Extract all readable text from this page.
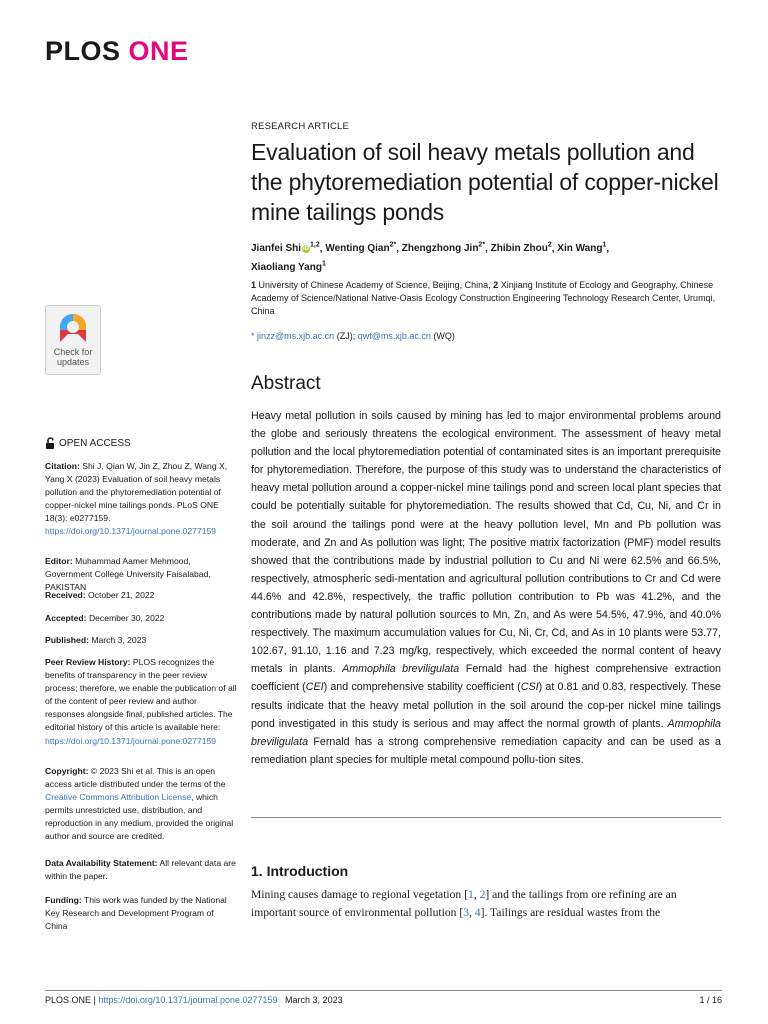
PLOS ONE
Check for
updates
OPEN ACCESS
Citation: Shi J, Qian W, Jin Z, Zhou Z, Wang X, Yang X (2023) Evaluation of soil heavy metals pollution and the phytoremediation potential of copper-nickel mine tailings ponds. PLoS ONE 18(3): e0277159. https://doi.org/10.1371/journal.pone.0277159
Editor: Muhammad Aamer Mehmood, Government College University Faisalabad, PAKISTAN
Received: October 21, 2022
Accepted: December 30, 2022
Published: March 3, 2023
Peer Review History: PLOS recognizes the benefits of transparency in the peer review process; therefore, we enable the publication of all of the content of peer review and author responses alongside final, published articles. The editorial history of this article is available here: https://doi.org/10.1371/journal.pone.0277159
Copyright: © 2023 Shi et al. This is an open access article distributed under the terms of the Creative Commons Attribution License, which permits unrestricted use, distribution, and reproduction in any medium, provided the original author and source are credited.
Data Availability Statement: All relevant data are within the paper.
Funding: This work was funded by the National Key Research and Development Program of China
RESEARCH ARTICLE
Evaluation of soil heavy metals pollution and the phytoremediation potential of copper-nickel mine tailings ponds
Jianfei Shi iD$^{1,2}$, Wenting Qian$^{2*}$, Zhengzhong Jin$^{2*}$, Zhibin Zhou$^2$, Xin Wang$^1$,
Xiaoliang Yang$^1$
1 University of Chinese Academy of Science, Beijing, China, 2 Xinjiang Institute of Ecology and Geography, Chinese Academy of Science/National Native-Oasis Ecology Construction Engineering Technology Research Center, Urumqi, China
* jinzz@ms.xjb.ac.cn (ZJ); qwt@ms.xjb.ac.cn (WQ)
Abstract
Heavy metal pollution in soils caused by mining has led to major environmental problems around the globe and seriously threatens the ecological environment. The assessment of heavy metal pollution and the local phytoremediation potential of contaminated sites is an important prerequisite for phytoremediation. Therefore, the purpose of this study was to understand the characteristics of heavy metal pollution around a copper-nickel mine tailings pond and screen local plant species that could be potentially suitable for phytoremediation. The results showed that Cd, Cu, Ni, and Cr in the soil around the tailings pond were at the heavy pollution level, Mn and Pb pollution was moderate, and Zn and As pollution was light; The positive matrix factorization (PMF) model results showed that the contributions made by industrial pollution to Cu and Ni were 62.5% and 66.5%, respectively, atmospheric sedi-mentation and agricultural pollution contributions to Cr and Cd were 44.6% and 42.8%, respectively, the traffic pollution contribution to Pb was 41.2%, and the contributions made by natural pollution sources to Mn, Zn, and As were 54.5%, 47.9%, and 40.0% respectively. The maximum accumulation values for Cu, Ni, Cr, Cd, and As in 10 plants were 53.77, 102.67, 91.10, 1.16 and 7.23 mg/kg, respectively, which exceeded the normal content of heavy metals in plants. Ammophila breviligulata Fernald had the highest comprehensive extraction coefficient (CEI) and comprehensive stability coefficient (CSI) at 0.81 and 0.83, respectively. These results indicate that the heavy metal pollution in the soil around the cop-per nickel mine tailings pond investigated in this study is serious and may affect the normal growth of plants. Ammophila breviligulata Fernald has a strong comprehensive remediation capacity and can be used as a remediation plant species for multiple metal compound pollu-tion sites.
1. Introduction
Mining causes damage to regional vegetation [1, 2] and the tailings from ore refining are an important source of environmental pollution [3, 4]. Tailings are residual wastes from the
PLOS ONE | https://doi.org/10.1371/journal.pone.0277159 March 3, 2023	1 / 16
